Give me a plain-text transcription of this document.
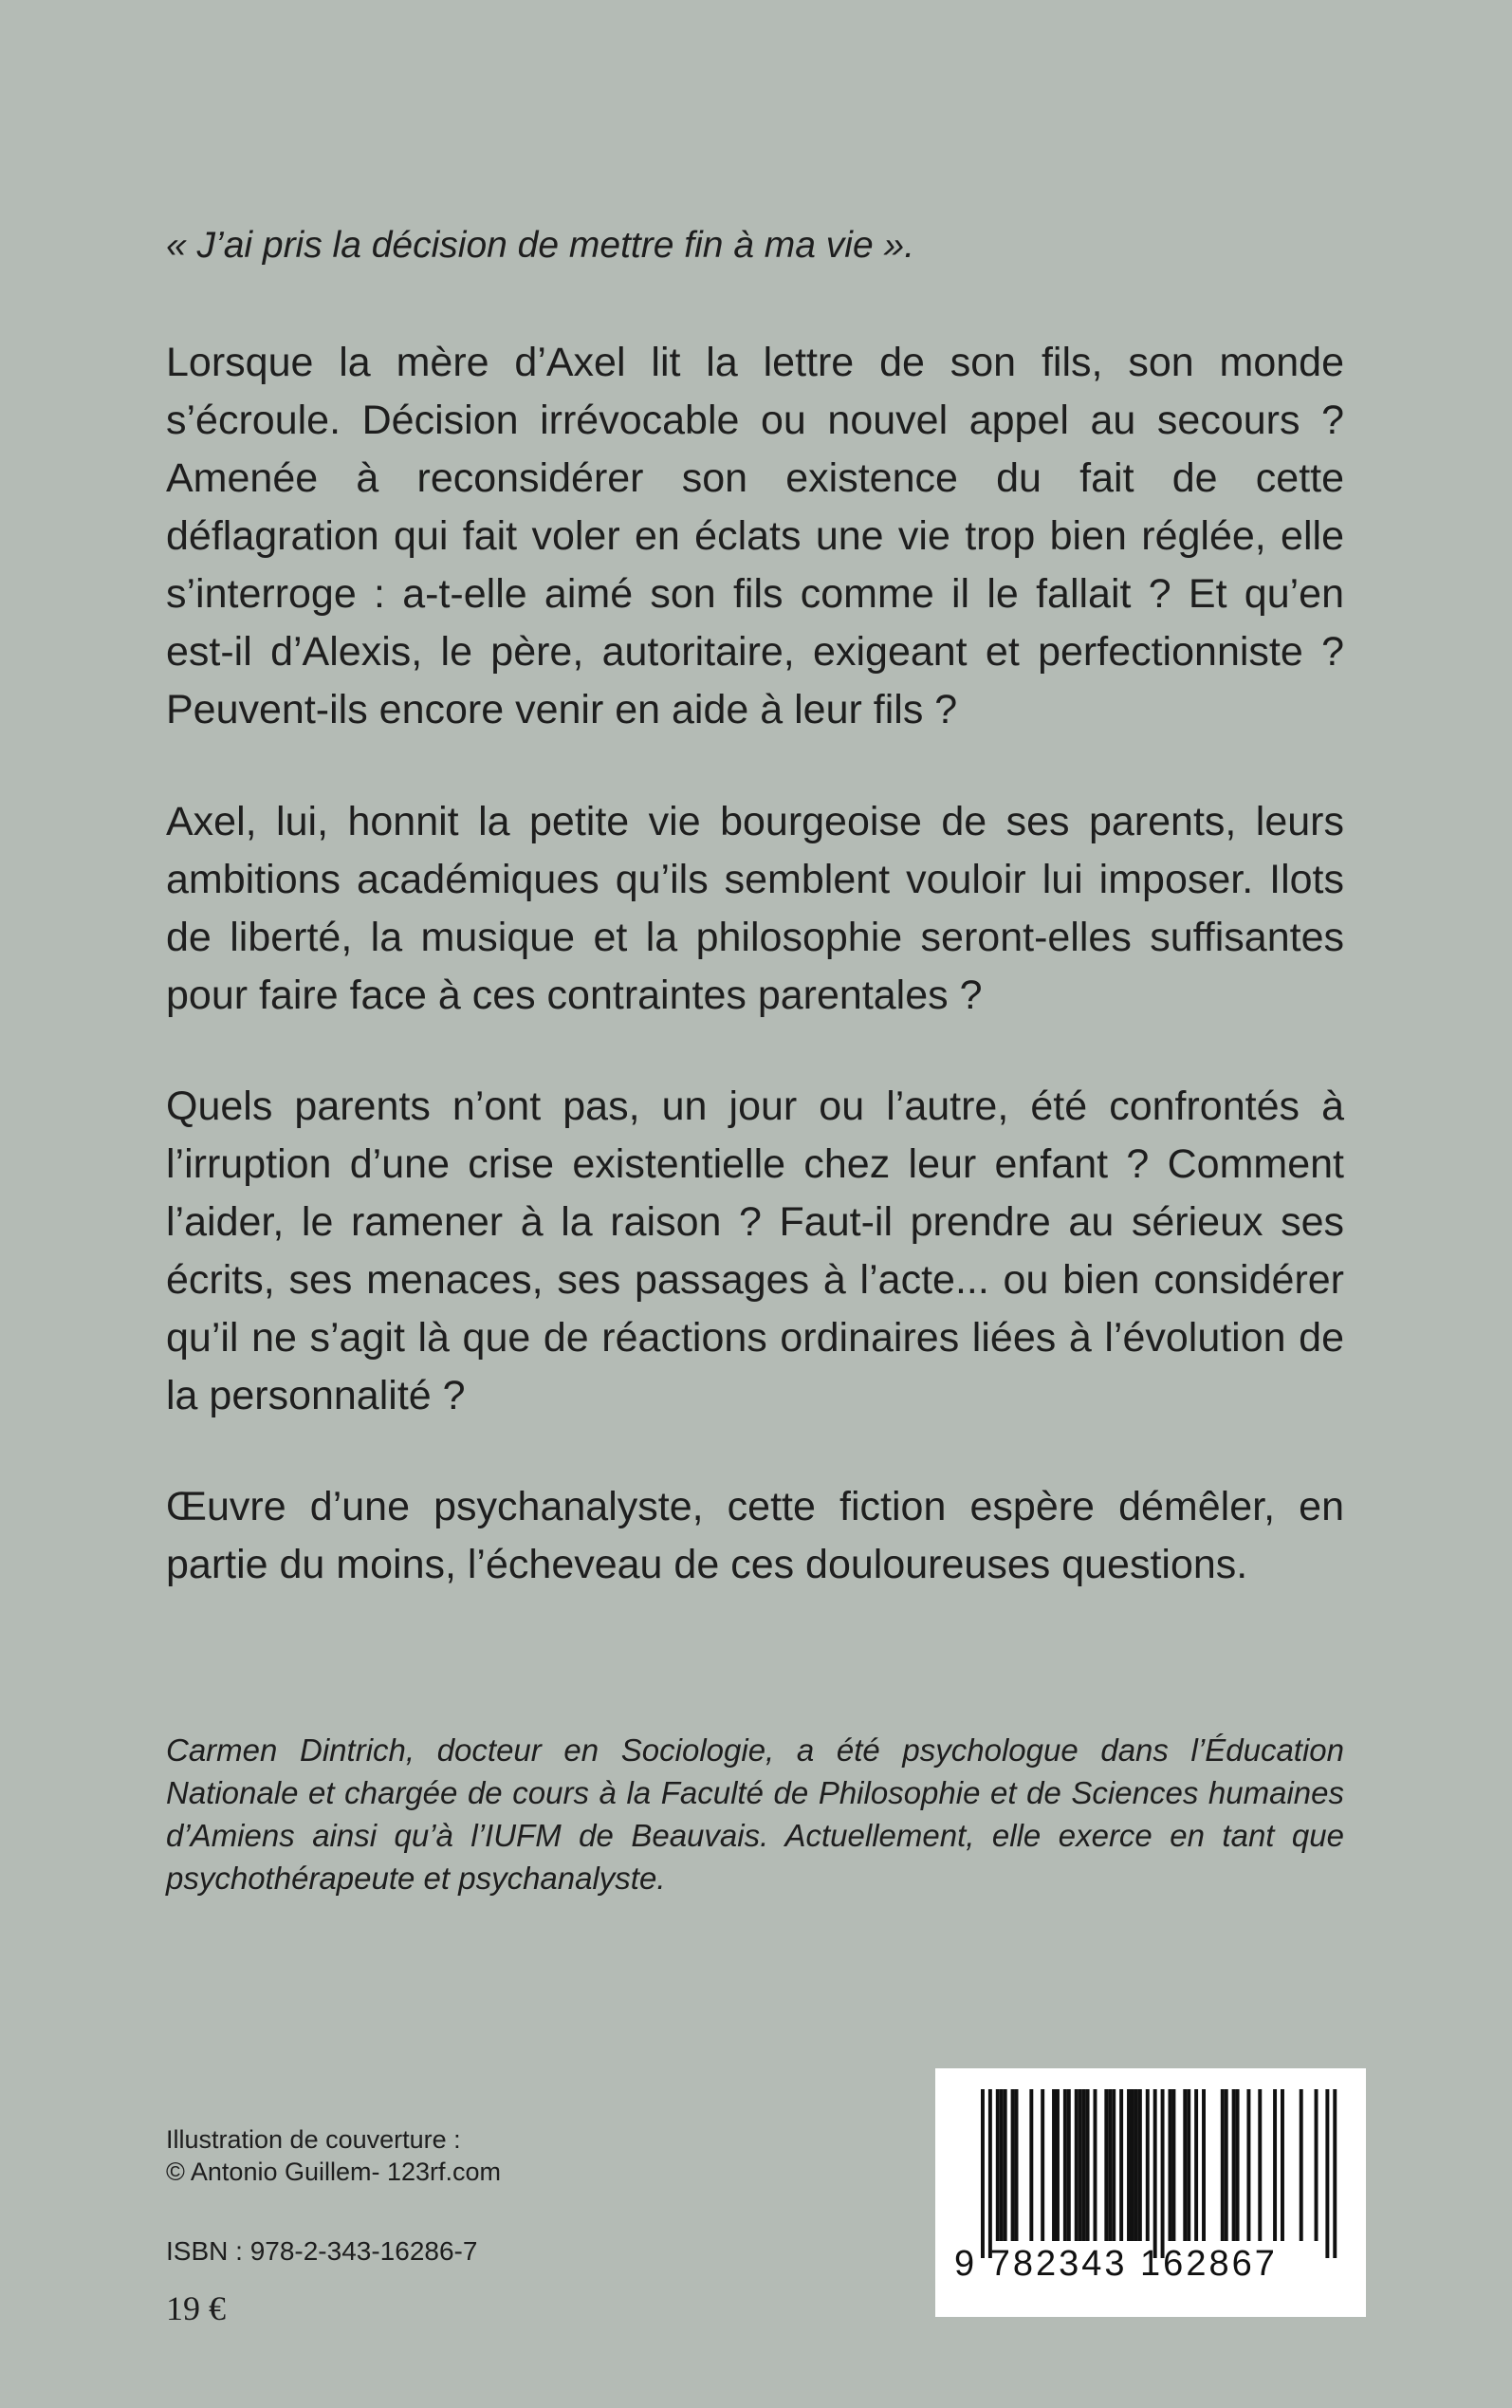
« J’ai pris la décision de mettre fin à ma vie ».

Lorsque la mère d’Axel lit la lettre de son fils, son monde s’écroule. Décision irrévocable ou nouvel appel au secours ? Amenée à reconsidérer son existence du fait de cette déflagration qui fait voler en éclats une vie trop bien réglée, elle s’interroge : a-t-elle aimé son fils comme il le fallait ? Et qu’en est-il d’Alexis, le père, autoritaire, exigeant et perfectionniste ? Peuvent-ils encore venir en aide à leur fils ?

Axel, lui, honnit la petite vie bourgeoise de ses parents, leurs ambitions académiques qu’ils semblent vouloir lui imposer. Ilots de liberté, la musique et la philosophie seront-elles suffisantes pour faire face à ces contraintes parentales ?

Quels parents n’ont pas, un jour ou l’autre, été confrontés à l’irruption d’une crise existentielle chez leur enfant ? Comment l’aider, le ramener à la raison ? Faut-il prendre au sérieux ses écrits, ses menaces, ses passages à l’acte... ou bien considérer qu’il ne s’agit là que de réactions ordinaires liées à l’évolution de la personnalité ?

Œuvre d’une psychanalyste, cette fiction espère démêler, en partie du moins, l’écheveau de ces douloureuses questions.

Carmen Dintrich, docteur en Sociologie, a été psychologue dans l’Éducation Nationale et chargée de cours à la Faculté de Philosophie et de Sciences humaines d’Amiens ainsi qu’à l’IUFM de Beauvais. Actuellement, elle exerce en tant que psychothérapeute et psychanalyste.

Illustration de couverture :
© Antonio Guillem- 123rf.com

ISBN : 978-2-343-16286-7

19 €

9 782343 162867
